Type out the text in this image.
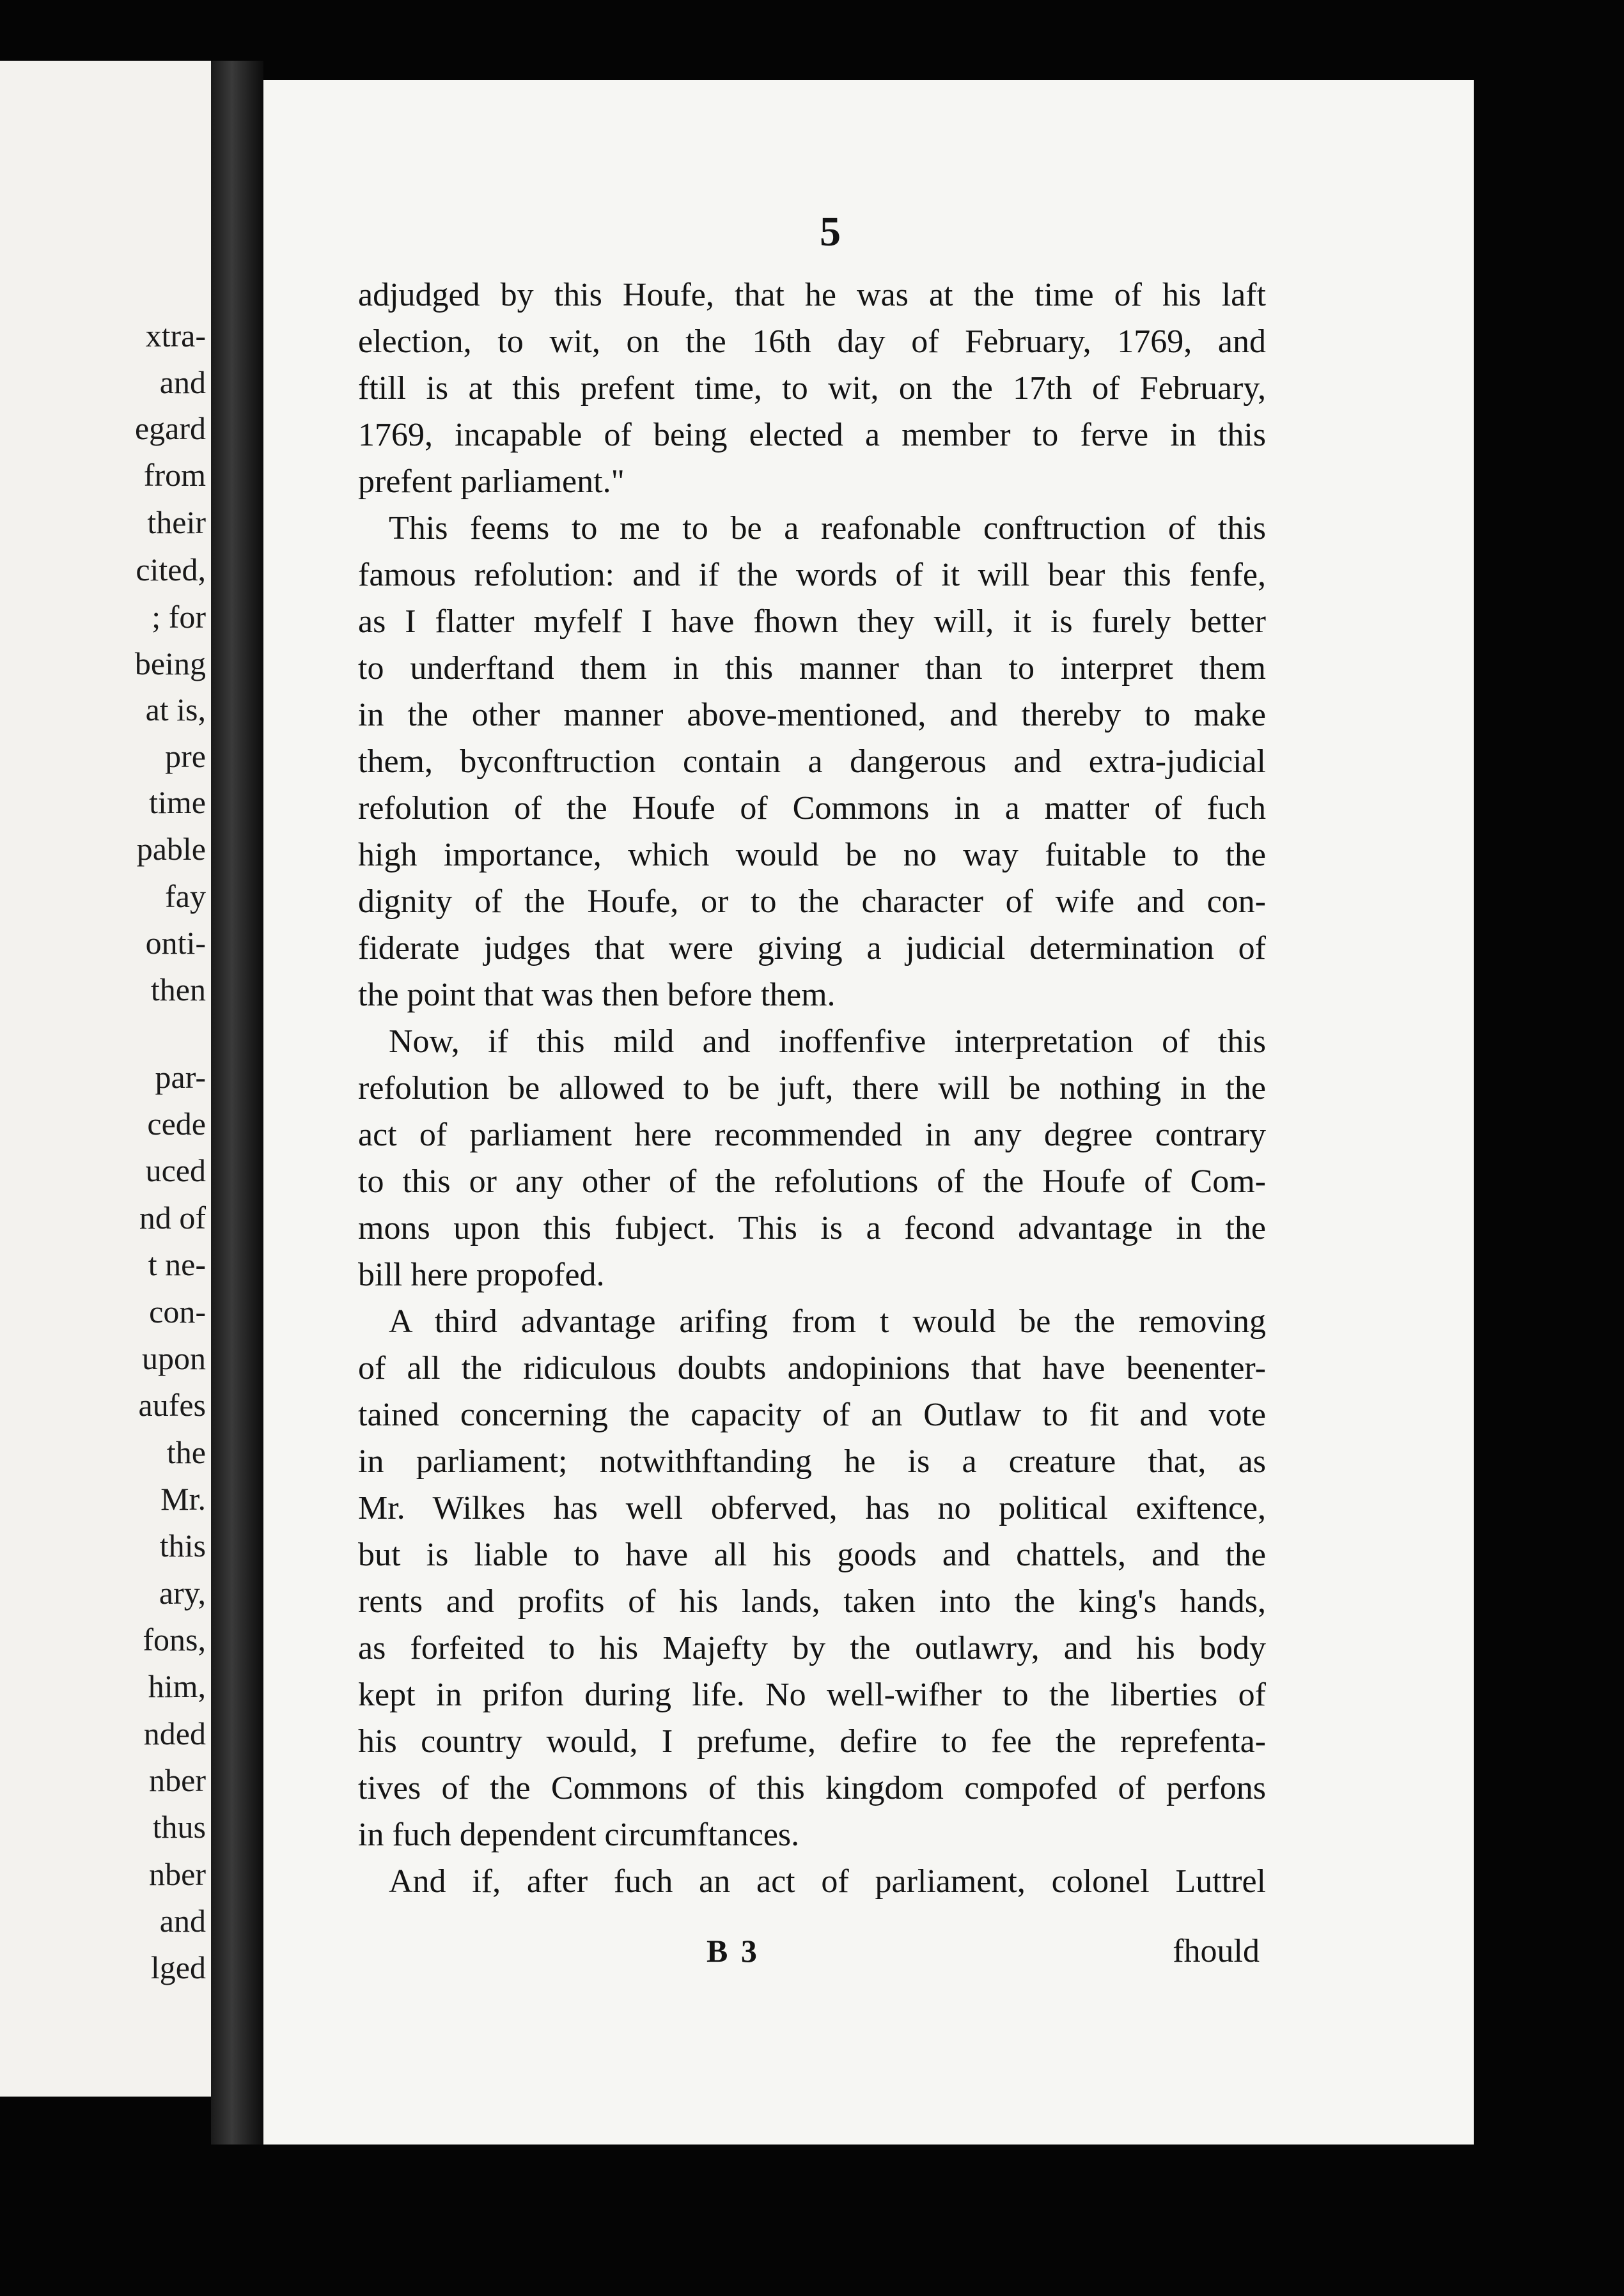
xtra-
and
egard
from
their
cited,
; for
being
at is,
pre
time
pable
fay
onti-
then
par-
cede
uced
nd of
t ne-
con-
upon
aufes
the
Mr.
this
ary,
fons,
him,
nded
nber
thus
nber
and
lged
5
adjudged by this Houfe, that he was at the time of his laft
election, to wit, on the 16th day of February, 1769, and
ftill is at this prefent time, to wit, on the 17th of February,
1769, incapable of being elected a member to ferve in this
prefent parliament."
This feems to me to be a reafonable conftruction of this
famous refolution: and if the words of it will bear this fenfe,
as I flatter myfelf I have fhown they will, it is furely better
to underftand them in this manner than to interpret them
in the other manner above-mentioned, and thereby to make
them, byconftruction contain a dangerous and extra-judicial
refolution of the Houfe of Commons in a matter of fuch
high importance, which would be no way fuitable to the
dignity of the Houfe, or to the character of wife and con-
fiderate judges that were giving a judicial determination of
the point that was then before them.
Now, if this mild and inoffenfive interpretation of this
refolution be allowed to be juft, there will be nothing in the
act of parliament here recommended in any degree contrary
to this or any other of the refolutions of the Houfe of Com-
mons upon this fubject. This is a fecond advantage in the
bill here propofed.
A third advantage arifing from t would be the removing
of all the ridiculous doubts andopinions that have beenenter-
tained concerning the capacity of an Outlaw to fit and vote
in parliament; notwithftanding he is a creature that, as
Mr. Wilkes has well obferved, has no political exiftence,
but is liable to have all his goods and chattels, and the
rents and profits of his lands, taken into the king's hands,
as forfeited to his Majefty by the outlawry, and his body
kept in prifon during life. No well-wifher to the liberties of
his country would, I prefume, defire to fee the reprefenta-
tives of the Commons of this kingdom compofed of perfons
in fuch dependent circumftances.
And if, after fuch an act of parliament, colonel Luttrel
B 3	fhould
